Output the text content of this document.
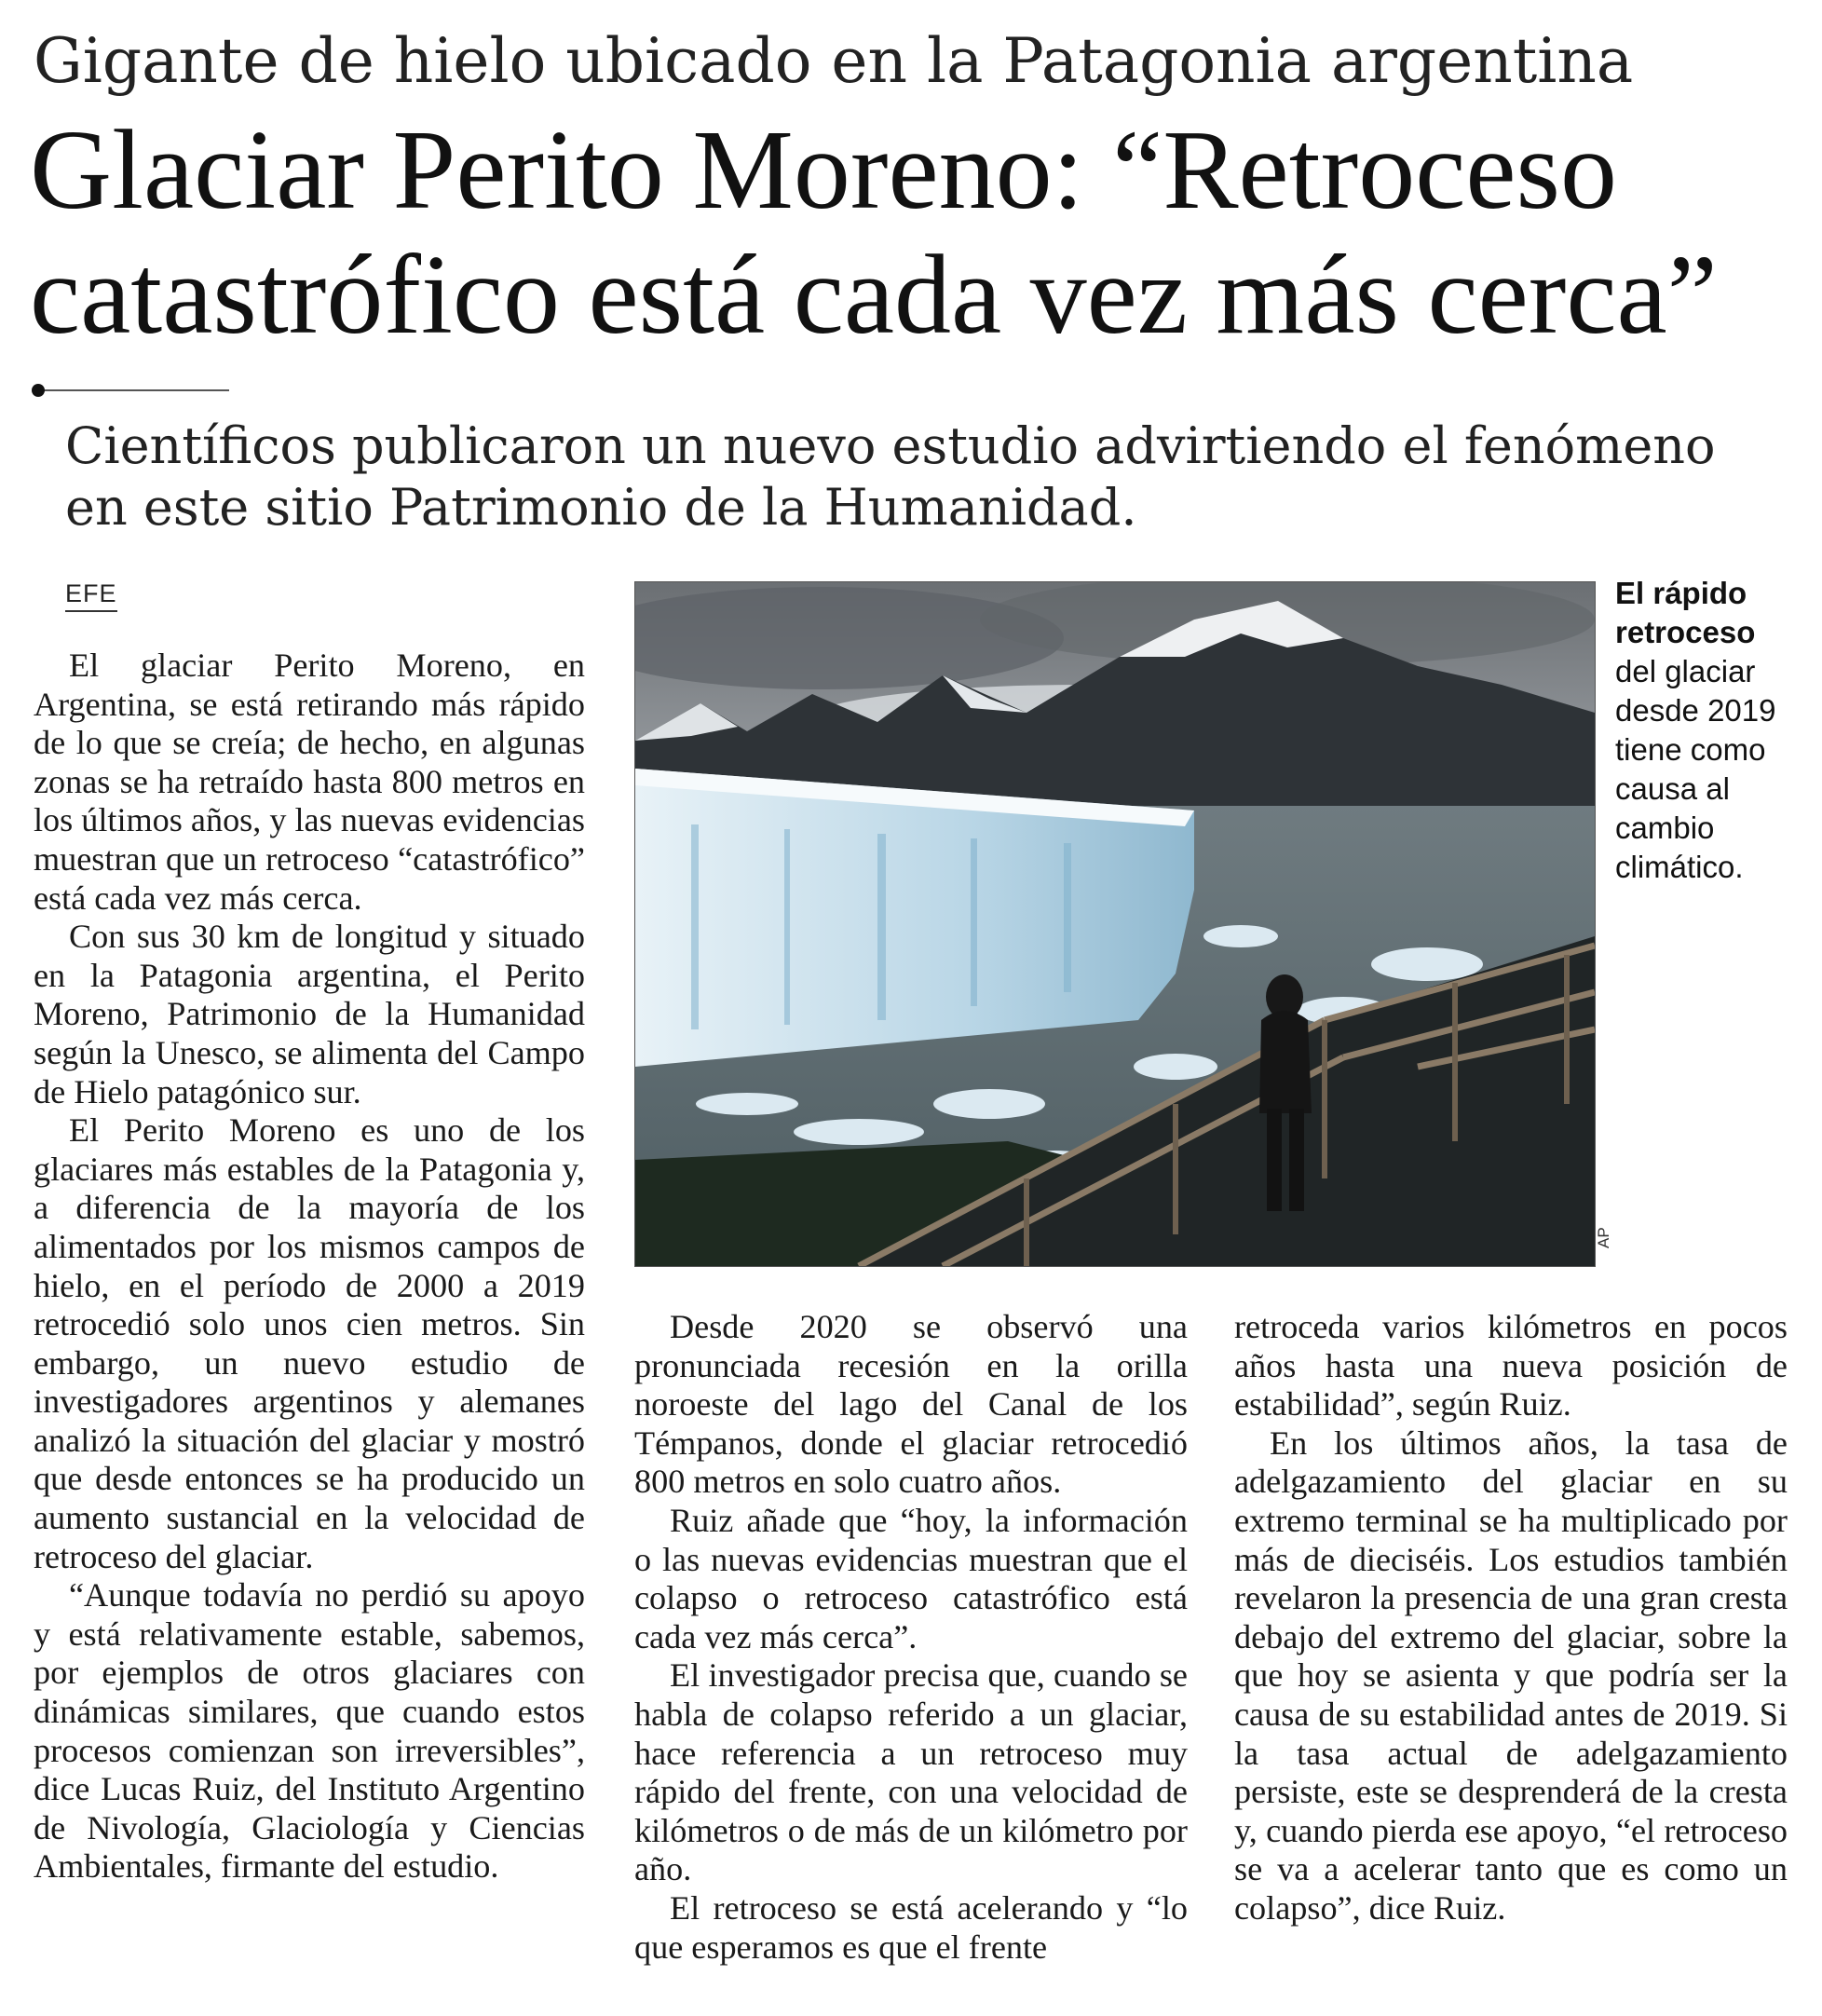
Gigante de hielo ubicado en la Patagonia argentina
Glaciar Perito Moreno: “Retroceso catastrófico está cada vez más cerca”
Científicos publicaron un nuevo estudio advirtiendo el fenómeno en este sitio Patrimonio de la Humanidad.
EFE

El glaciar Perito Moreno, en Argentina, se está retirando más rápido de lo que se creía; de hecho, en algunas zonas se ha retraído hasta 800 metros en los últimos años, y las nuevas evidencias muestran que un retroceso “catastrófico” está cada vez más cerca.

Con sus 30 km de longitud y situado en la Patagonia argentina, el Perito Moreno, Patrimonio de la Humanidad según la Unesco, se alimenta del Campo de Hielo patagónico sur.

El Perito Moreno es uno de los glaciares más estables de la Patagonia y, a diferencia de la mayoría de los alimentados por los mismos campos de hielo, en el período de 2000 a 2019 retrocedió solo unos cien metros. Sin embargo, un nuevo estudio de investigadores argentinos y alemanes analizó la situación del glaciar y mostró que desde entonces se ha producido un aumento sustancial en la velocidad de retroceso del glaciar.

“Aunque todavía no perdió su apoyo y está relativamente estable, sabemos, por ejemplos de otros glaciares con dinámicas similares, que cuando estos procesos comienzan son irreversibles”, dice Lucas Ruiz, del Instituto Argentino de Nivología, Glaciología y Ciencias Ambientales, firmante del estudio.

AP
El rápido retroceso
del glaciar desde 2019 tiene como causa al cambio climático.

Desde 2020 se observó una pronunciada recesión en la orilla noroeste del lago del Canal de los Témpanos, donde el glaciar retrocedió 800 metros en solo cuatro años.

Ruiz añade que “hoy, la información o las nuevas evidencias muestran que el colapso o retroceso catastrófico está cada vez más cerca”.

El investigador precisa que, cuando se habla de colapso referido a un glaciar, hace referencia a un retroceso muy rápido del frente, con una velocidad de kilómetros o de más de un kilómetro por año.

El retroceso se está acelerando y “lo que esperamos es que el frente

retroceda varios kilómetros en pocos años hasta una nueva posición de estabilidad”, según Ruiz.

En los últimos años, la tasa de adelgazamiento del glaciar en su extremo terminal se ha multiplicado por más de dieciséis. Los estudios también revelaron la presencia de una gran cresta debajo del extremo del glaciar, sobre la que hoy se asienta y que podría ser la causa de su estabilidad antes de 2019. Si la tasa actual de adelgazamiento persiste, este se desprenderá de la cresta y, cuando pierda ese apoyo, “el retroceso se va a acelerar tanto que es como un colapso”, dice Ruiz.
